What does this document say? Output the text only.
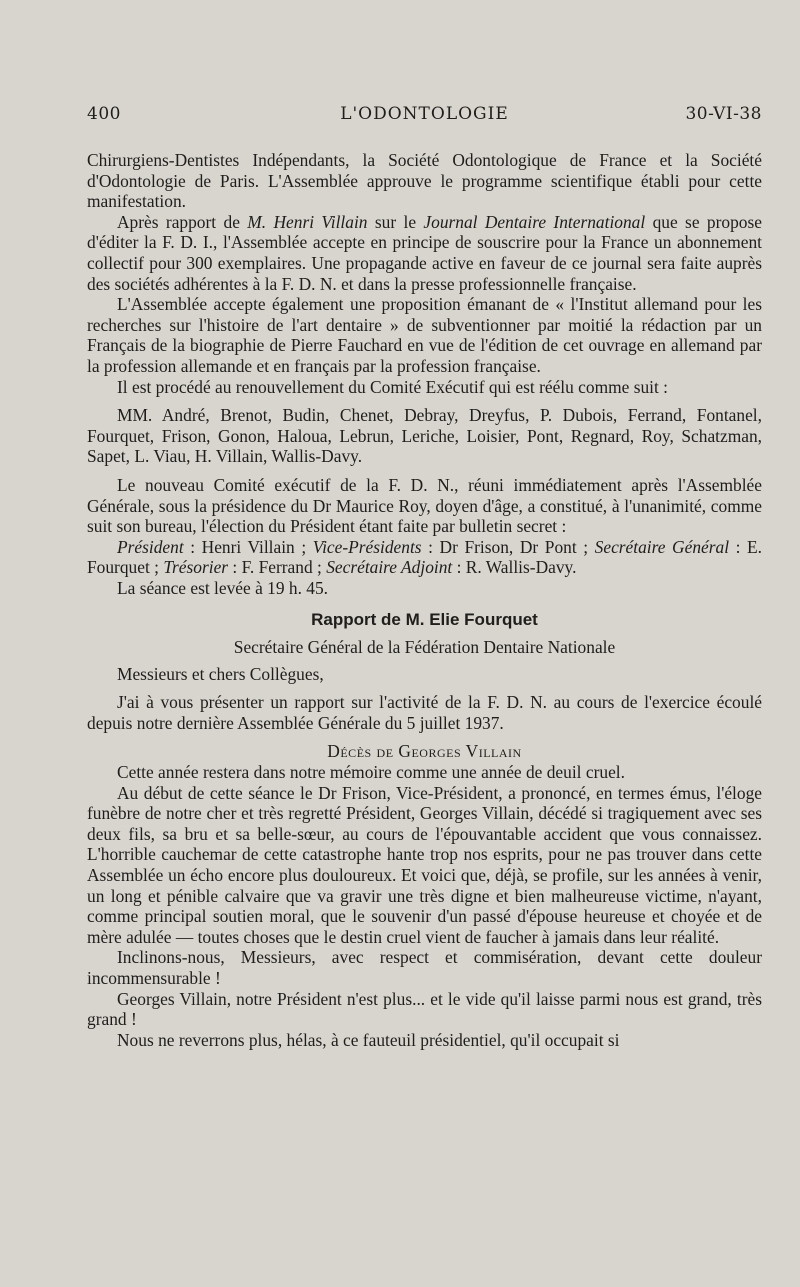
400	L'ODONTOLOGIE	30-VI-38

Chirurgiens-Dentistes Indépendants, la Société Odontologique de France et la Société d'Odontologie de Paris. L'Assemblée approuve le programme scientifique établi pour cette manifestation.

Après rapport de M. Henri Villain sur le Journal Dentaire International que se propose d'éditer la F. D. I., l'Assemblée accepte en principe de souscrire pour la France un abonnement collectif pour 300 exemplaires. Une propagande active en faveur de ce journal sera faite auprès des sociétés adhérentes à la F. D. N. et dans la presse professionnelle française.

L'Assemblée accepte également une proposition émanant de « l'Institut allemand pour les recherches sur l'histoire de l'art dentaire » de subventionner par moitié la rédaction par un Français de la biographie de Pierre Fauchard en vue de l'édition de cet ouvrage en allemand par la profession allemande et en français par la profession française.

Il est procédé au renouvellement du Comité Exécutif qui est réélu comme suit :

MM. André, Brenot, Budin, Chenet, Debray, Dreyfus, P. Dubois, Ferrand, Fontanel, Fourquet, Frison, Gonon, Haloua, Lebrun, Leriche, Loisier, Pont, Regnard, Roy, Schatzman, Sapet, L. Viau, H. Villain, Wallis-Davy.

Le nouveau Comité exécutif de la F. D. N., réuni immédiatement après l'Assemblée Générale, sous la présidence du Dr Maurice Roy, doyen d'âge, a constitué, à l'unanimité, comme suit son bureau, l'élection du Président étant faite par bulletin secret :

Président : Henri Villain ; Vice-Présidents : Dr Frison, Dr Pont ; Secrétaire Général : E. Fourquet ; Trésorier : F. Ferrand ; Secrétaire Adjoint : R. Wallis-Davy.

La séance est levée à 19 h. 45.

Rapport de M. Elie Fourquet

Secrétaire Général de la Fédération Dentaire Nationale

Messieurs et chers Collègues,

J'ai à vous présenter un rapport sur l'activité de la F. D. N. au cours de l'exercice écoulé depuis notre dernière Assemblée Générale du 5 juillet 1937.

Décès de Georges Villain

Cette année restera dans notre mémoire comme une année de deuil cruel.

Au début de cette séance le Dr Frison, Vice-Président, a prononcé, en termes émus, l'éloge funèbre de notre cher et très regretté Président, Georges Villain, décédé si tragiquement avec ses deux fils, sa bru et sa belle-sœur, au cours de l'épouvantable accident que vous connaissez. L'horrible cauchemar de cette catastrophe hante trop nos esprits, pour ne pas trouver dans cette Assemblée un écho encore plus douloureux. Et voici que, déjà, se profile, sur les années à venir, un long et pénible calvaire que va gravir une très digne et bien malheureuse victime, n'ayant, comme principal soutien moral, que le souvenir d'un passé d'épouse heureuse et choyée et de mère adulée — toutes choses que le destin cruel vient de faucher à jamais dans leur réalité.

Inclinons-nous, Messieurs, avec respect et commisération, devant cette douleur incommensurable !

Georges Villain, notre Président n'est plus... et le vide qu'il laisse parmi nous est grand, très grand !

Nous ne reverrons plus, hélas, à ce fauteuil présidentiel, qu'il occupait si
